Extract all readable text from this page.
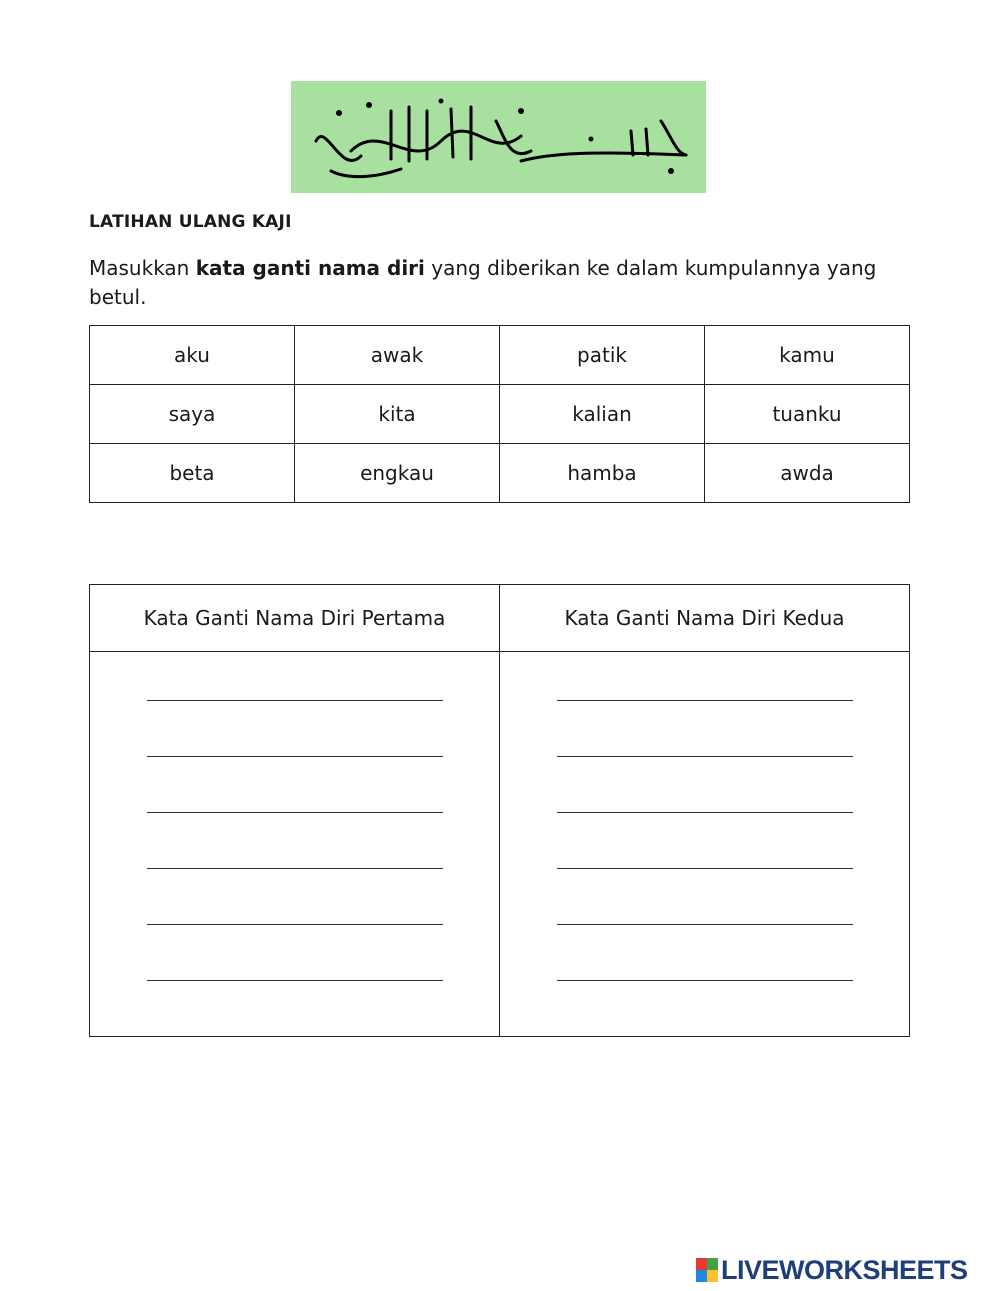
LATIHAN ULANG KAJI
Masukkan kata ganti nama diri yang diberikan ke dalam kumpulannya yang betul.
aku	awak	patik	kamu
saya	kita	kalian	tuanku
beta	engkau	hamba	awda
Kata Ganti Nama Diri Pertama	Kata Ganti Nama Diri Kedua

LIVEWORKSHEETS
